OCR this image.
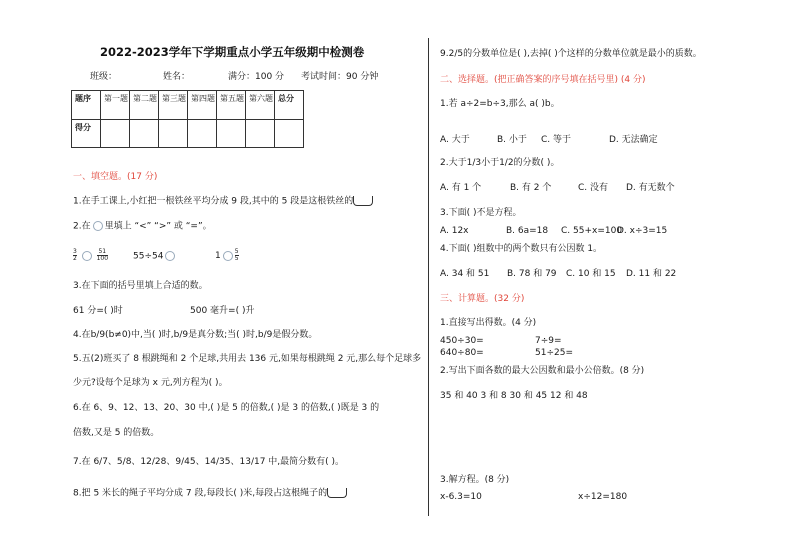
2022-2023学年下学期重点小学五年级期中检测卷
班级：	姓名：	满分：100 分 考试时间：90 分钟
题序	第一题	第二题	第三题	第四题	第五题	第六题	总分
得分							
一、填空题。(17 分)
1.在手工课上,小红把一根铁丝平均分成 9 段,其中的 5 段是这根铁丝的
2.在 里填上 “<” “>” 或 “=”。
$\frac{3}{2}$
	$\frac{51}{100}$	55÷54	$1 \frac{5}{5}$
3.在下面的括号里填上合适的数。
61 分=( )时	500 毫升=( )升
4.在b/9(b≠0)中,当( )时,b/9是真分数;当( )时,b/9是假分数。
5.五(2)班买了 8 根跳绳和 2 个足球,共用去 136 元,如果每根跳绳 2 元,那么每个足球多
少元?设每个足球为 x 元,列方程为( )。
6.在 6、9、12、13、20、30 中,( )是 5 的倍数,( )是 3 的倍数,( )既是 3 的
倍数,又是 5 的倍数。
7.在 6/7、5/8、12/28、9/45、14/35、13/17 中,最简分数有( )。
8.把 5 米长的绳子平均分成 7 段,每段长( )米,每段占这根绳子的
9.2/5的分数单位是( ),去掉( )个这样的分数单位就是最小的质数。
二、选择题。(把正确答案的序号填在括号里) (4 分)
1.若 a÷2=b÷3,那么 a( )b。
A. 大于	B. 小于 C. 等于	D. 无法确定
2.大于1/3小于1/2的分数( )。
A. 有 1 个	B. 有 2 个	C. 没有 D. 有无数个
3.下面( )不是方程。
A. 12x	B. 6a=18 C. 55+x=100
D. x÷3=15
4.下面( )组数中的两个数只有公因数 1。
A. 34 和 51 B. 78 和 79 C. 10 和 15 D. 11 和 22
三、计算题。(32 分)
1.直接写出得数。(4 分)
450÷30=	7÷9=
640÷80=	51÷25=
2.写出下面各数的最大公因数和最小公倍数。(8 分)
35 和 40 3 和 8 30 和 45 12 和 48
3.解方程。(8 分)
x-6.3=10	x÷12=180
